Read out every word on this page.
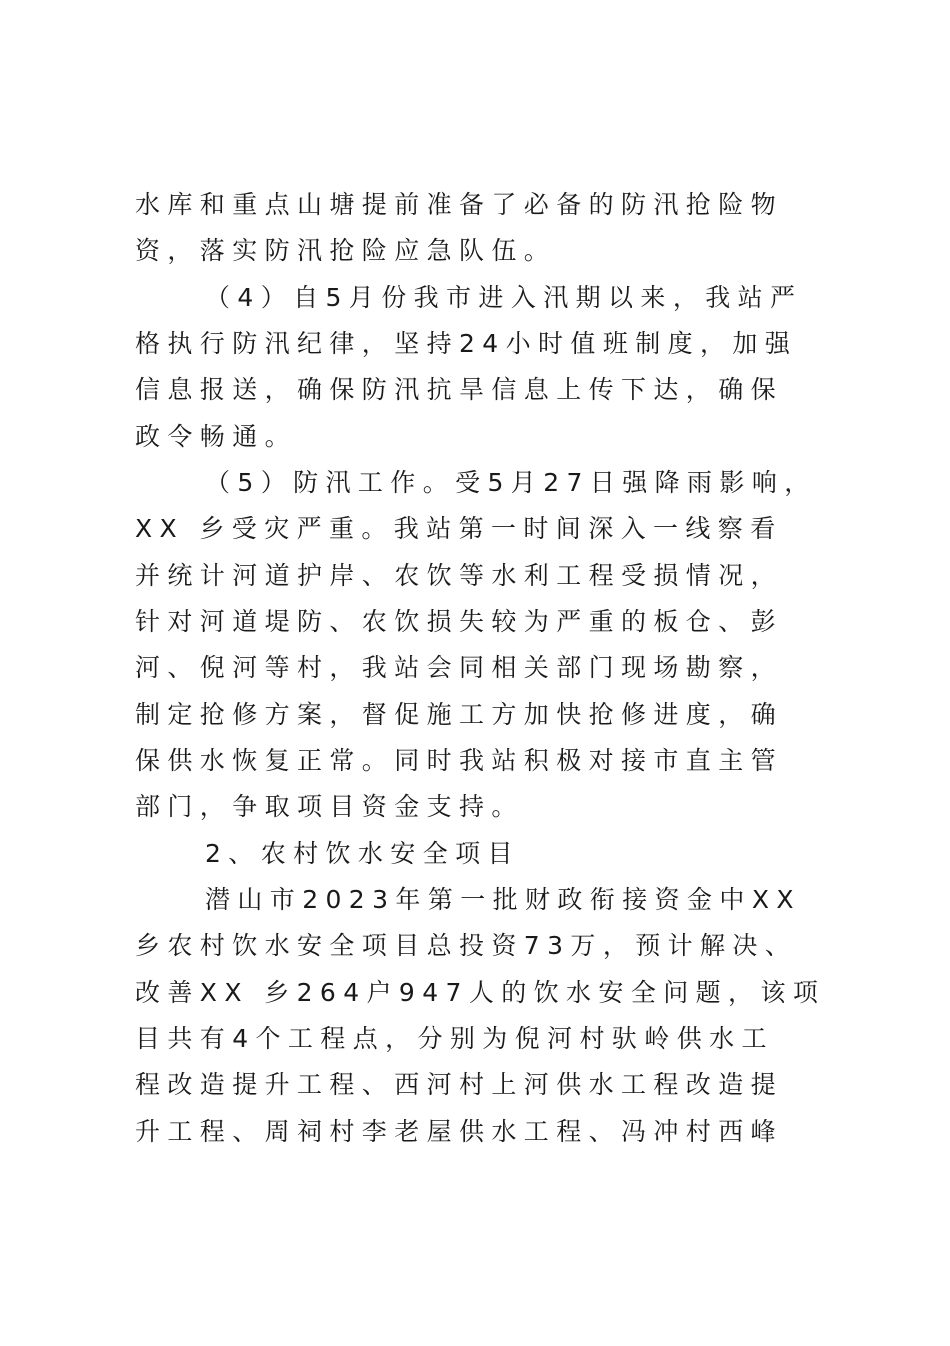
水库和重点山塘提前准备了必备的防汛抢险物
资，落实防汛抢险应急队伍。
（4）自5月份我市进入汛期以来，我站严
格执行防汛纪律，坚持24小时值班制度，加强
信息报送，确保防汛抗旱信息上传下达，确保
政令畅通。
（5）防汛工作。受5月27日强降雨影响，
XX 乡受灾严重。我站第一时间深入一线察看
并统计河道护岸、农饮等水利工程受损情况，
针对河道堤防、农饮损失较为严重的板仓、彭
河、倪河等村，我站会同相关部门现场勘察，
制定抢修方案，督促施工方加快抢修进度，确
保供水恢复正常。同时我站积极对接市直主管
部门，争取项目资金支持。
2、农村饮水安全项目
潜山市2023年第一批财政衔接资金中XX
乡农村饮水安全项目总投资73万，预计解决、
改善XX 乡264户947人的饮水安全问题，该项
目共有4个工程点，分别为倪河村驮岭供水工
程改造提升工程、西河村上河供水工程改造提
升工程、周祠村李老屋供水工程、冯冲村西峰
